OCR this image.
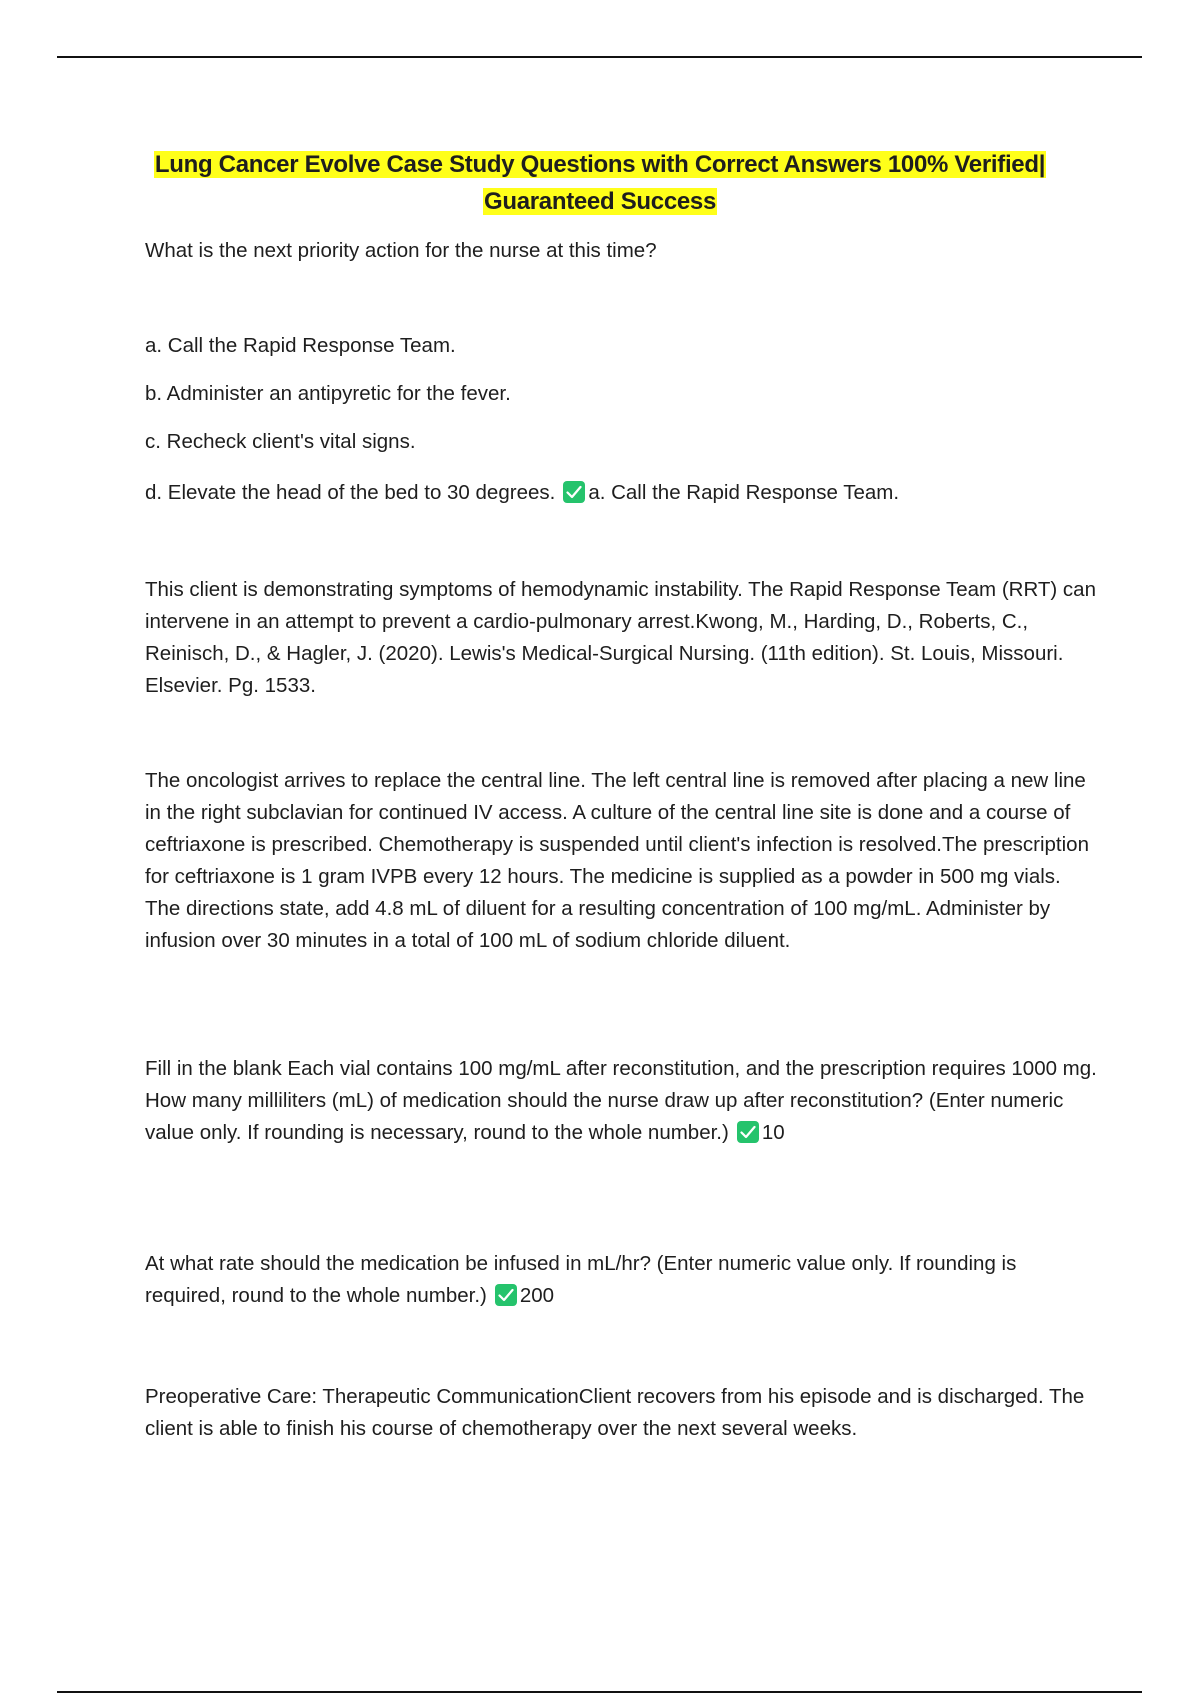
Lung Cancer Evolve Case Study Questions with Correct Answers 100% Verified|
Guaranteed Success

What is the next priority action for the nurse at this time?

a. Call the Rapid Response Team.

b. Administer an antipyretic for the fever.

c. Recheck client's vital signs.

d. Elevate the head of the bed to 30 degrees. a. Call the Rapid Response Team.

This client is demonstrating symptoms of hemodynamic instability. The Rapid Response Team (RRT) can intervene in an attempt to prevent a cardio-pulmonary arrest.Kwong, M., Harding, D., Roberts, C., Reinisch, D., & Hagler, J. (2020). Lewis's Medical-Surgical Nursing. (11th edition). St. Louis, Missouri. Elsevier. Pg. 1533.

The oncologist arrives to replace the central line. The left central line is removed after placing a new line in the right subclavian for continued IV access. A culture of the central line site is done and a course of ceftriaxone is prescribed. Chemotherapy is suspended until client's infection is resolved.The prescription for ceftriaxone is 1 gram IVPB every 12 hours. The medicine is supplied as a powder in 500 mg vials. The directions state, add 4.8 mL of diluent for a resulting concentration of 100 mg/mL. Administer by infusion over 30 minutes in a total of 100 mL of sodium chloride diluent.

Fill in the blank Each vial contains 100 mg/mL after reconstitution, and the prescription requires 1000 mg. How many milliliters (mL) of medication should the nurse draw up after reconstitution? (Enter numeric value only. If rounding is necessary, round to the whole number.) 10

At what rate should the medication be infused in mL/hr? (Enter numeric value only. If rounding is required, round to the whole number.) 200

Preoperative Care: Therapeutic CommunicationClient recovers from his episode and is discharged. The client is able to finish his course of chemotherapy over the next several weeks.
